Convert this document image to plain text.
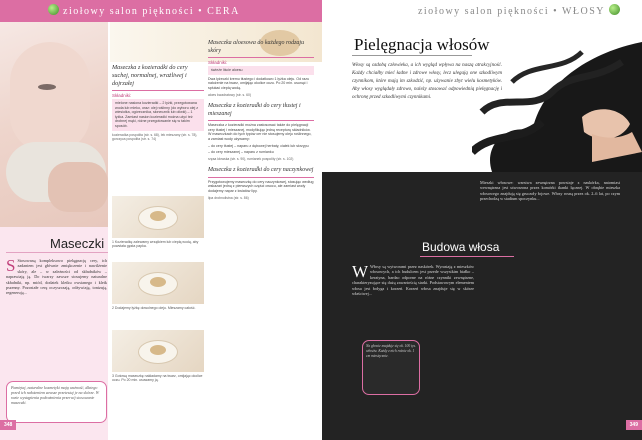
ziołowy salon piękności • CERA
Maseczki
S Stosowaną kompleksowo pielęgnację cery, ich zadaniem jest głównie zmiękczenie i nawilżenie skóry, ale – w zależności od składników – naprawiają ją. Do twarzy zawsze stosujemy naturalne składniki, np. miód, dodatek kleiku owsianego i kleik pszenny. Pozostałe cerę oczyszczają, odżywiają, tonizują, regenerują...
Pamiętaj, naturalne kosmetyki mają ważność, dlatego przed ich nałożeniem zawsze przetestuj je na skórze. W razie wystąpienia podrażnienia przerwij stosowanie maseczki.
348
Maseczka z kozieradki do cery suchej, normalnej, wrażliwej i dojrzałej
Składniki:
mielone nasiona kozieradki – 2 łyżki, przegotowana woda lub mleko, oraz: olej roślinny (do wyboru olej z wiesiołka, ogórecznika, słonecznik lub oliwki) – 1 łyżka. Zamiast nasion kozieradki można użyć też drobnej mąki, różne przegotowanie się w takim sposób.
kozieradka pospolita (str. s. 68), lek mieszany (str. s. 78), gorczyca pospolita (str. s. 74)
1 Kozieradkę zalewamy wrzątkiem lub ciepłą wodą, aby powstała gęsta papka.
2 Dodajemy łyżkę dowolnego oleju. Mieszamy całość.
3 Gotową maseczkę nakładamy na twarz, omijając okolice oczu. Po 20 min. usuwamy ją.
Maseczka aloesowa do każdego rodzaju skóry
Składniki:
świeże liście aloesu
Dwa łyżeczki kremu tłustego i dodatkowo 1 łyżka oleju. Od razu nałożenie na twarz, omijając okolice oczu. Po 20 min. usunąć i spłukać ciepłą wodą.
aloes kwadratowy (str. s. 60)
Maseczka z kozieradki do cery tłustej i mieszanej
Maseczka z kozieradki można zastosować także do pielęgnacji cery tłustej i mieszanej, modyfikując jedną recepturę składników. W maseczkach do tych typów cer nie stosujemy oleju roślinnego, a zamiast wody używamy:
– do cery tłustej – naparu z dębowej herbaty, ciałek lub skrzypu
– do cery mieszanej – naparu z rumianku
rzęsa kłowska (str. s. 90), rumianek pospolity (str. s. 102)
Maseczka z kozieradki do cery naczynkowej
Przygotowujemy maseczkę do cery naczynkowej, stosując według wskazań jedną z pierwszych części owocu, ale zamiast wody dodajemy napar z kwiatów lipy.
lipa drobnolistna (str. s. 86)
ziołowy salon piękności • WŁOSY
Pielęgnacja włosów
Włosy są ozdobą człowieka, a ich wygląd wpływa na naszą atrakcyjność. Każdy chciałby mieć ładne i zdrowe włosy, lecz ulegają one szkodliwym czynnikom, które mają im szkodzić, np. używanie zbyt wielu kosmetyków. Aby włosy wyglądały zdrowo, należy stosować odpowiednią pielęgnację i ochronę przed szkodliwymi czynnikami.
Budowa włosa
W Włosy są wytworami przez naskórek. Wyrastają z mieszków włosowych, a ich budulcem jest przede wszystkim białko – keratyna, bardzo odporne na różne czynniki zewnętrzne, charakteryzujące się dużą zawartością siarki. Podstawowym elementem włosa jest łodyga i korzeń. Korzeń włosa znajduje się w skórze właściwej...
Na głowie znajduje się ok. 100 tys. włosów. Każdy z nich rośnie ok. 1 cm miesięcznie.
Mieszki włosowe: warstwa zewnętrzna powstaje z naskórka, natomiast wewnętrzna jest utworzona przez komórki tkanki łącznej. W obrębie mieszka włosowego znajdują się gruczoły łojowe. Włosy rosną przez ok. 2–6 lat, po czym przechodzą w stadium spoczynku...
349
